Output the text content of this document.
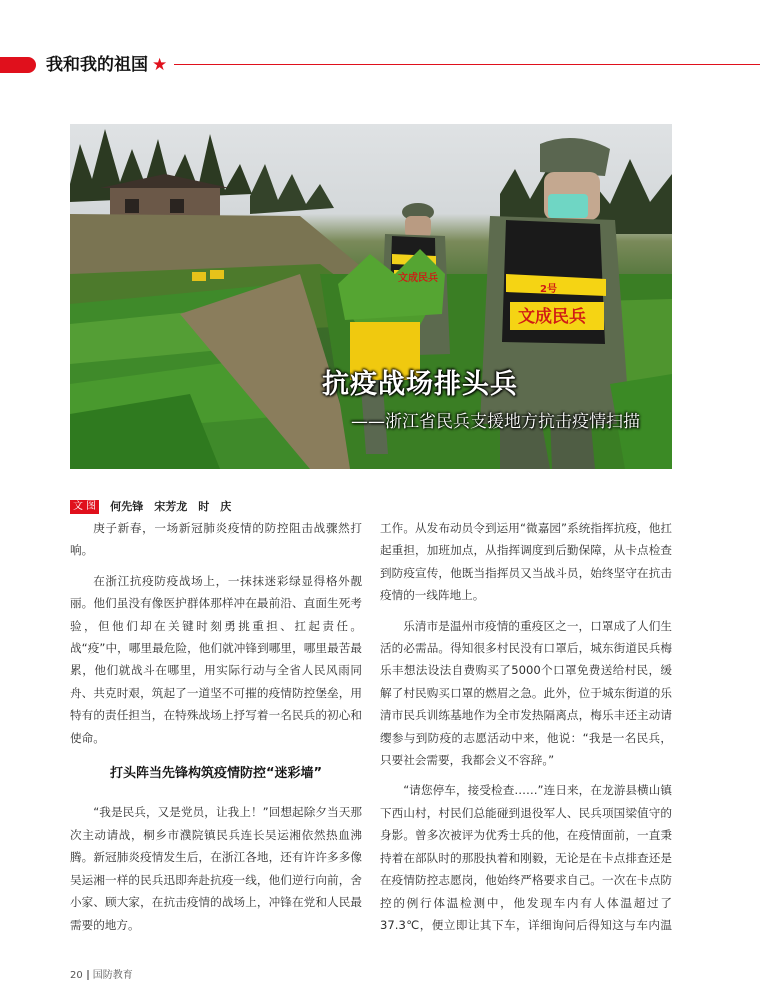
我和我的祖国 ★
文成民兵
文成民兵
2号
抗疫战场排头兵
——浙江省民兵支援地方抗击疫情扫描
文 图 何先锋　宋芳龙　时　庆

庚子新春，一场新冠肺炎疫情的防控阻击战骤然打响。

在浙江抗疫防疫战场上，一抹抹迷彩绿显得格外靓丽。他们虽没有像医护群体那样冲在最前沿、直面生死考验，但他们却在关键时刻勇挑重担、扛起责任。战“疫”中，哪里最危险，他们就冲锋到哪里，哪里最苦最累，他们就战斗在哪里，用实际行动与全省人民风雨同舟、共克时艰，筑起了一道坚不可摧的疫情防控堡垒，用特有的责任担当，在特殊战场上抒写着一名民兵的初心和使命。

打头阵当先锋构筑疫情防控“迷彩墙”

“我是民兵，又是党员，让我上！”回想起除夕当天那次主动请战，桐乡市濮院镇民兵连长吴运湘依然热血沸腾。新冠肺炎疫情发生后，在浙江各地，还有许许多多像吴运湘一样的民兵迅即奔赴抗疫一线，他们逆行向前，舍小家、顾大家，在抗击疫情的战场上，冲锋在党和人民最需要的地方。

工作。从发布动员令到运用“微嘉园”系统指挥抗疫，他扛起重担，加班加点，从指挥调度到后勤保障，从卡点检查到防疫宣传，他既当指挥员又当战斗员，始终坚守在抗击疫情的一线阵地上。

乐清市是温州市疫情的重疫区之一，口罩成了人们生活的必需品。得知很多村民没有口罩后，城东街道民兵梅乐丰想法设法自费购买了5000个口罩免费送给村民，缓解了村民购买口罩的燃眉之急。此外，位于城东街道的乐清市民兵训练基地作为全市发热隔离点，梅乐丰还主动请缨参与到防疫的志愿活动中来，他说：“我是一名民兵，只要社会需要，我都会义不容辞。”

“请您停车，接受检查……”连日来，在龙游县横山镇下西山村，村民们总能碰到退役军人、民兵项国梁值守的身影。曾多次被评为优秀士兵的他，在疫情面前，一直秉持着在部队时的那股执着和刚毅，无论是在卡点排查还是在疫情防控志愿岗，他始终严格要求自己。一次在卡点防控的例行体温检测中，他发现车内有人体温超过了37.3℃，便立即让其下车，详细询问后得知这与车内温

20 国防教育
